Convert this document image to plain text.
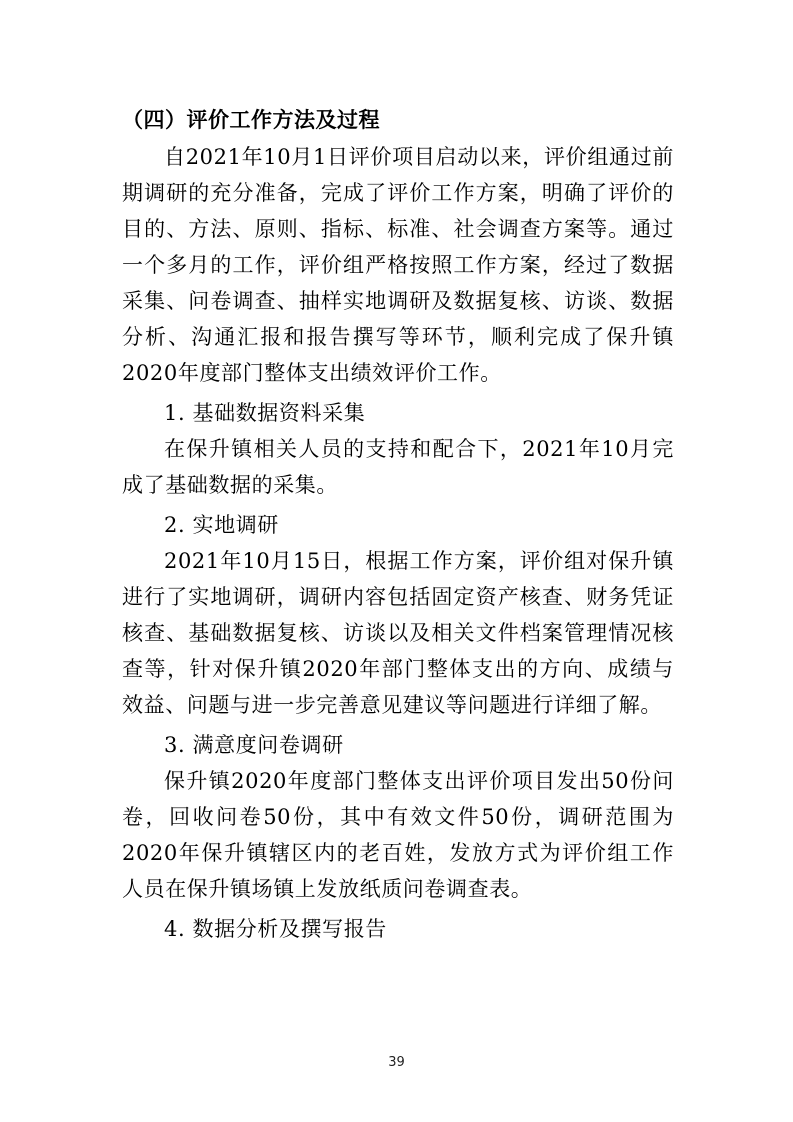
（四）评价工作方法及过程

自2021年10月1日评价项目启动以来，评价组通过前期调研的充分准备，完成了评价工作方案，明确了评价的目的、方法、原则、指标、标准、社会调查方案等。通过一个多月的工作，评价组严格按照工作方案，经过了数据采集、问卷调查、抽样实地调研及数据复核、访谈、数据分析、沟通汇报和报告撰写等环节，顺利完成了保升镇2020年度部门整体支出绩效评价工作。

1. 基础数据资料采集

在保升镇相关人员的支持和配合下，2021年10月完成了基础数据的采集。

2. 实地调研

2021年10月15日，根据工作方案，评价组对保升镇进行了实地调研，调研内容包括固定资产核查、财务凭证核查、基础数据复核、访谈以及相关文件档案管理情况核查等，针对保升镇2020年部门整体支出的方向、成绩与效益、问题与进一步完善意见建议等问题进行详细了解。

3. 满意度问卷调研

保升镇2020年度部门整体支出评价项目发出50份问卷，回收问卷50份，其中有效文件50份，调研范围为2020年保升镇辖区内的老百姓，发放方式为评价组工作人员在保升镇场镇上发放纸质问卷调查表。

4. 数据分析及撰写报告

39
